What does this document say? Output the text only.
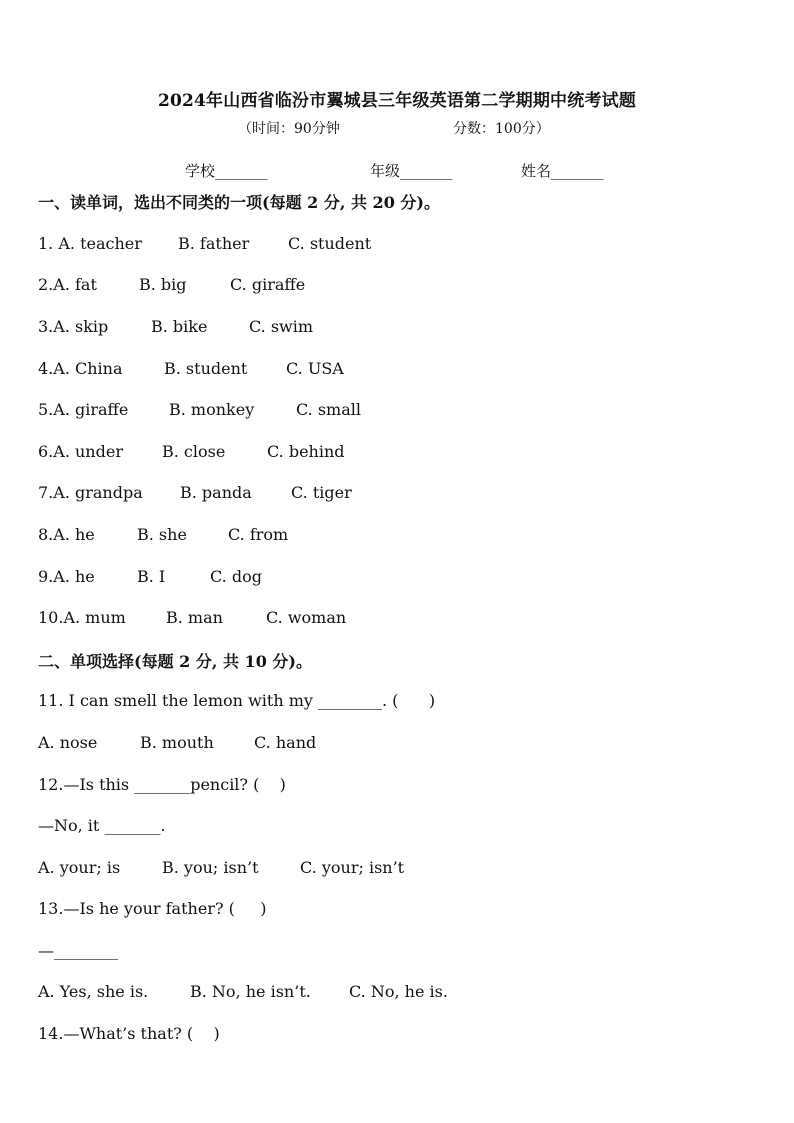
2024年山西省临汾市翼城县三年级英语第二学期期中统考试题
（时间：90分钟	分数：100分）
学校_______	年级_______	姓名_______
一、读单词，选出不同类的一项(每题 2 分, 共 20 分)。
1. A. teacher B. father C. student
2.A. fat	B. big	C. giraffe
3.A. skip	B. bike	C. swim
4.A. China	B. student C. USA
5.A. giraffe	B. monkey	C. small
6.A. under B. close	C. behind
7.A. grandpa B. panda C. tiger
8.A. he	B. she	C. from
9.A. he	B. I	C. dog
10.A. mum	B. man	C. woman
二、单项选择(每题 2 分, 共 10 分)。
11. I can smell the lemon with my ________. (      )
A. nose	B. mouth	C. hand
12.—Is this _______pencil? (    )
—No, it _______.
A. your; is	B. you; isn’t	C. your; isn’t
13.—Is he your father? (     )
—________
A. Yes, she is.	B. No, he isn’t. C. No, he is.
14.—What’s that? (    )
